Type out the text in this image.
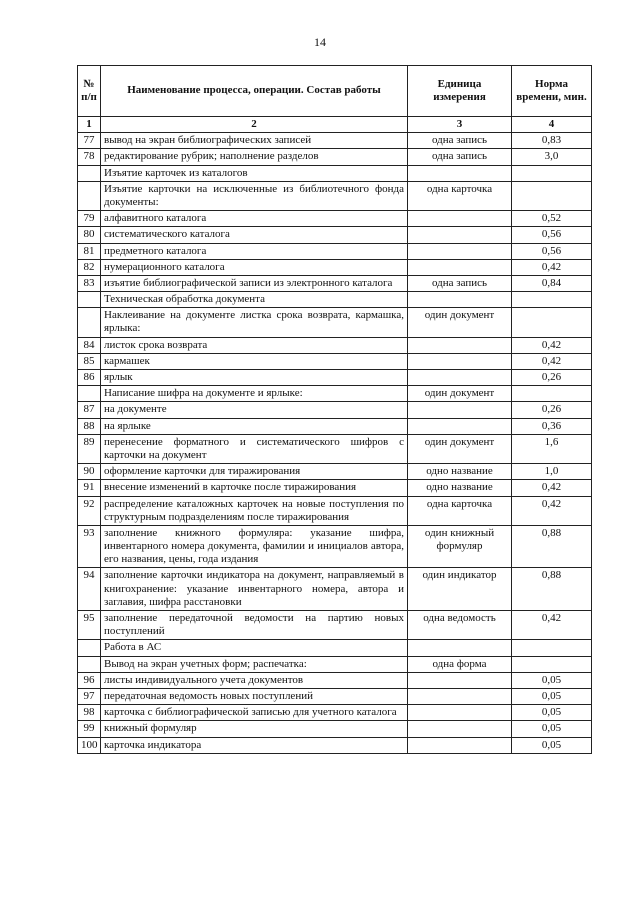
14
№ п/п	Наименование процесса, операции. Состав работы	Единица измерения	Норма времени, мин.
1	2	3	4
77	вывод на экран библиографических записей	одна запись	0,83
78	редактирование рубрик; наполнение разделов	одна запись	3,0
	Изъятие карточек из каталогов		
	Изъятие карточки на исключенные из библиотечного фонда документы:	одна карточка	
79	алфавитного каталога		0,52
80	систематического каталога		0,56
81	предметного каталога		0,56
82	нумерационного каталога		0,42
83	изъятие библиографической записи из электронного каталога	одна запись	0,84
	Техническая обработка документа		
	Наклеивание на документе листка срока возврата, кармашка, ярлыка:	один документ	
84	листок срока возврата		0,42
85	кармашек		0,42
86	ярлык		0,26
	Написание шифра на документе и ярлыке:	один документ	
87	на документе		0,26
88	на ярлыке		0,36
89	перенесение форматного и систематического шифров с карточки на документ	один документ	1,6
90	оформление карточки для тиражирования	одно название	1,0
91	внесение изменений в карточке после тиражирования	одно название	0,42
92	распределение каталожных карточек на новые поступления по структурным подразделениям после тиражирования	одна карточка	0,42
93	заполнение книжного формуляра: указание шифра, инвентарного номера документа, фамилии и инициалов автора, его названия, цены, года издания	один книжный формуляр	0,88
94	заполнение карточки индикатора на документ, направляемый в книгохранение: указание инвентарного номера, автора и заглавия, шифра расстановки	один индикатор	0,88
95	заполнение передаточной ведомости на партию новых поступлений	одна ведомость	0,42
	Работа в АС		
	Вывод на экран учетных форм; распечатка:	одна форма	
96	листы индивидуального учета документов		0,05
97	передаточная ведомость новых поступлений		0,05
98	карточка с библиографической записью для учетного каталога		0,05
99	книжный формуляр		0,05
100	карточка индикатора		0,05
